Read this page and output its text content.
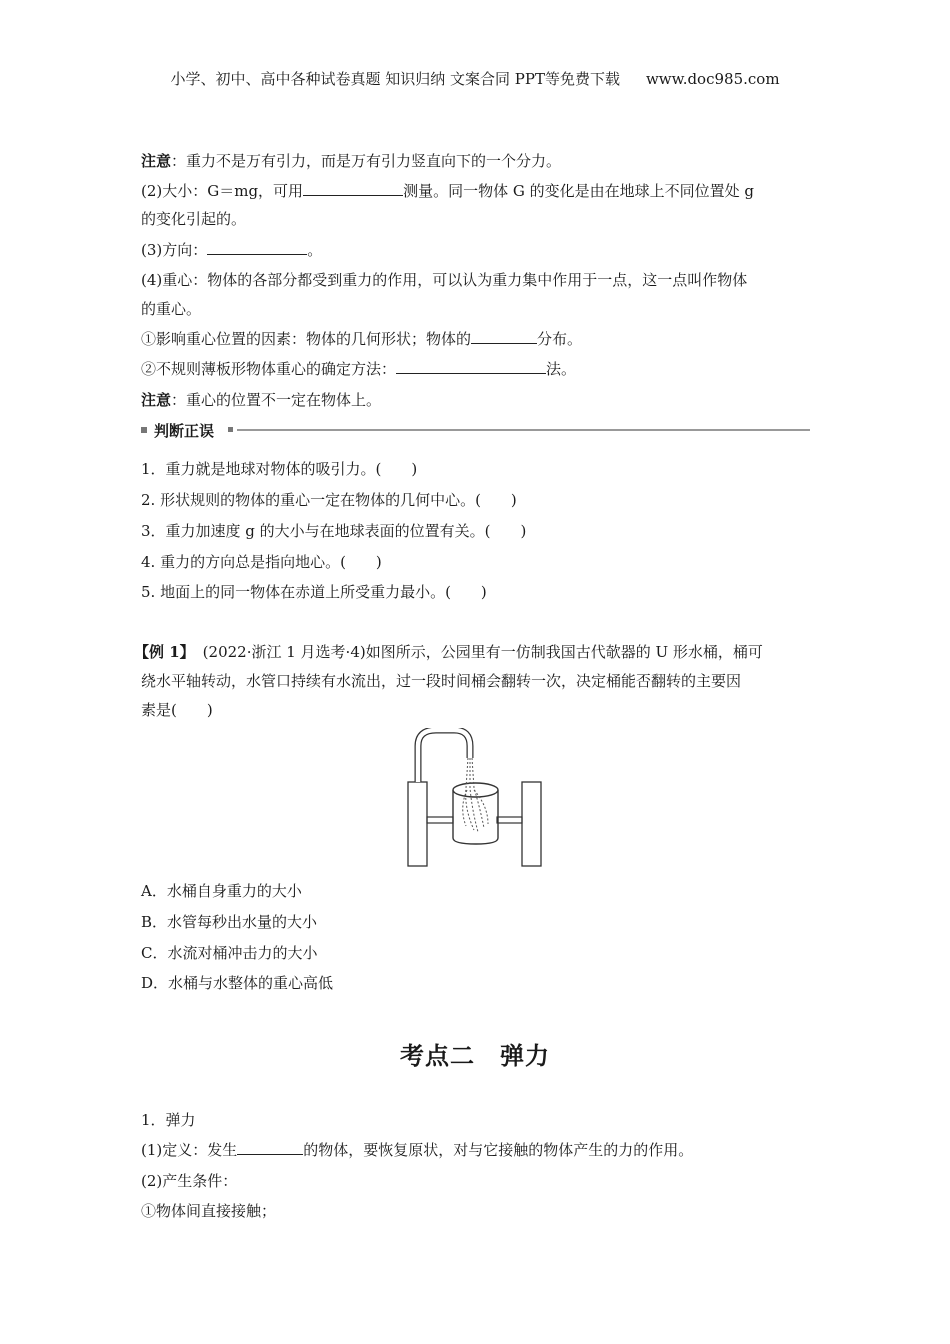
小学、初中、高中各种试卷真题 知识归纳 文案合同 PPT等免费下载 www.doc985.com
注意：重力不是万有引力，而是万有引力竖直向下的一个分力。
(2)大小：G＝mg，可用	测量。同一物体 G 的变化是由在地球上不同位置处 g
的变化引起的。
(3)方向：	。
(4)重心：物体的各部分都受到重力的作用，可以认为重力集中作用于一点，这一点叫作物体
的重心。
①影响重心位置的因素：物体的几何形状；物体的	分布。
②不规则薄板形物体重心的确定方法：	法。
注意：重心的位置不一定在物体上。
判断正误
1．重力就是地球对物体的吸引力。(　　)
2. 形状规则的物体的重心一定在物体的几何中心。(　　)
3．重力加速度 g 的大小与在地球表面的位置有关。(　　)
4. 重力的方向总是指向地心。(　　)
5. 地面上的同一物体在赤道上所受重力最小。(　　)
【例 1】 (2022·浙江 1 月选考·4)如图所示，公园里有一仿制我国古代欹器的 U 形水桶，桶可
绕水平轴转动，水管口持续有水流出，过一段时间桶会翻转一次，决定桶能否翻转的主要因
素是(　　)
A．水桶自身重力的大小
B．水管每秒出水量的大小
C．水流对桶冲击力的大小
D．水桶与水整体的重心高低
考点二　弹力
1．弹力
(1)定义：发生	的物体，要恢复原状，对与它接触的物体产生的力的作用。
(2)产生条件：
①物体间直接接触；
